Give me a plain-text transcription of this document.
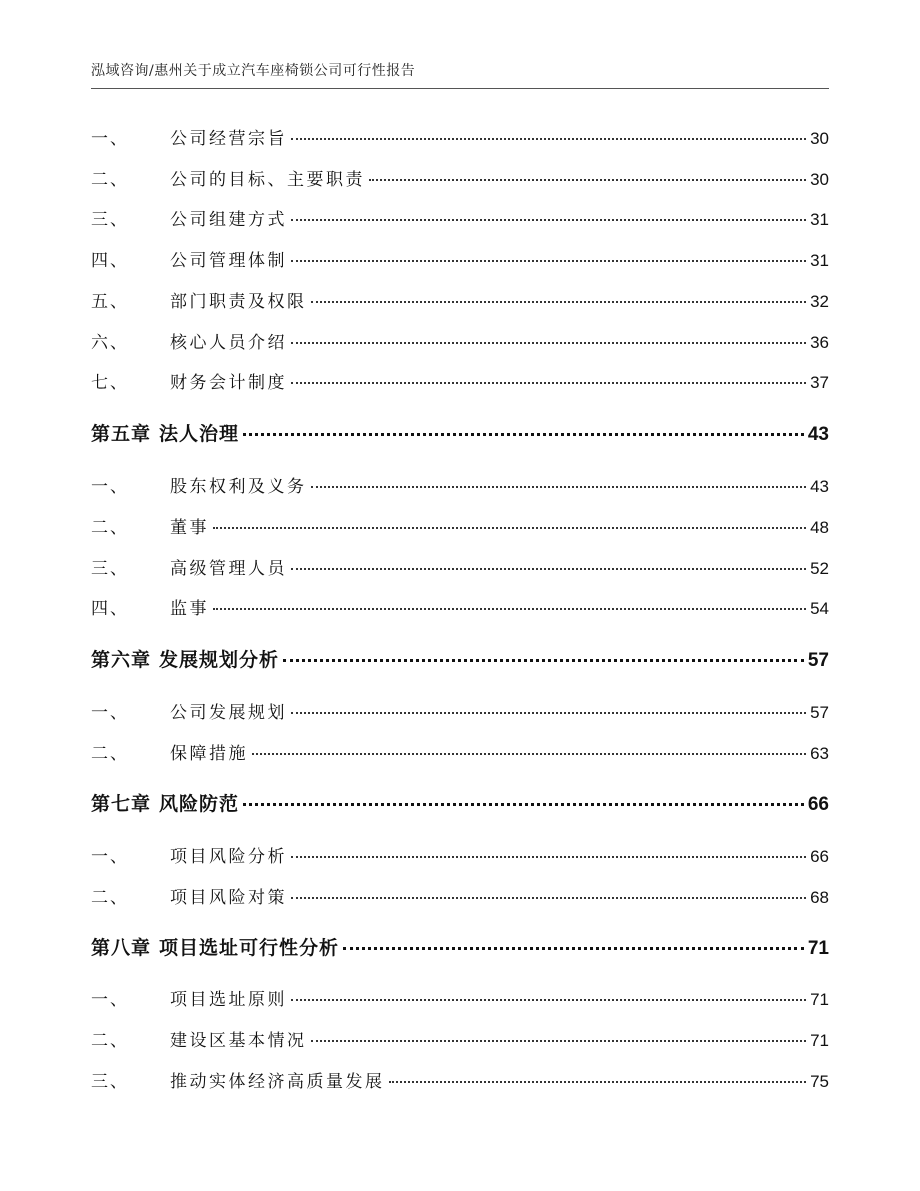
泓域咨询/惠州关于成立汽车座椅锁公司可行性报告
一、	公司经营宗旨	30
二、	公司的目标、主要职责	30
三、	公司组建方式	31
四、	公司管理体制	31
五、	部门职责及权限	32
六、	核心人员介绍	36
七、	财务会计制度	37
第五章 法人治理	43
一、	股东权利及义务	43
二、	董事	48
三、	高级管理人员	52
四、	监事	54
第六章 发展规划分析	57
一、	公司发展规划	57
二、	保障措施	63
第七章 风险防范	66
一、	项目风险分析	66
二、	项目风险对策	68
第八章 项目选址可行性分析	71
一、	项目选址原则	71
二、	建设区基本情况	71
三、	推动实体经济高质量发展	75
